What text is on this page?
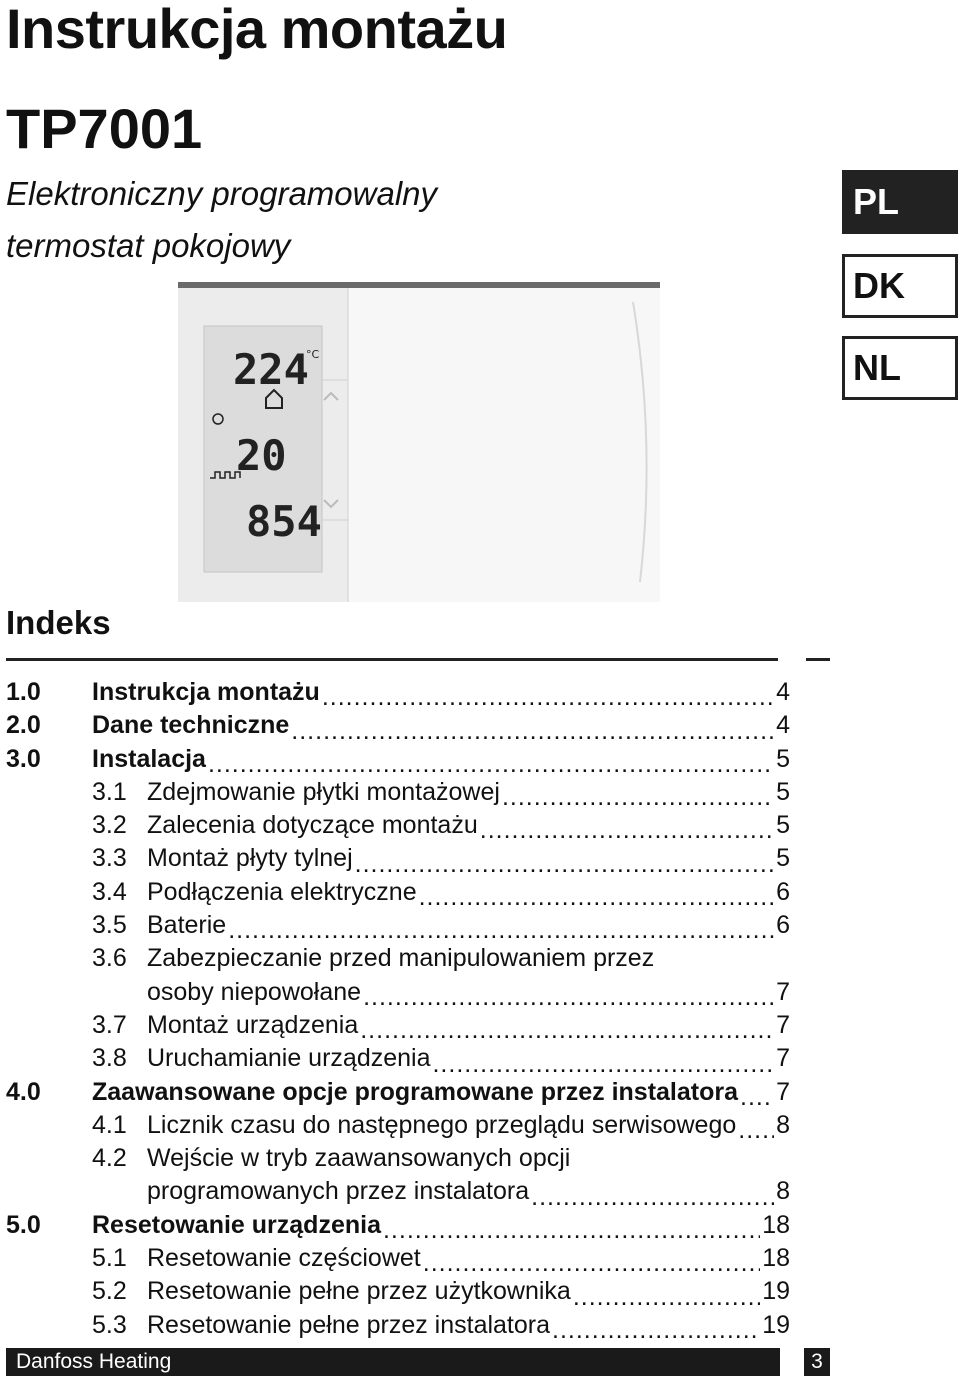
Instrukcja montażu
TP7001
Elektroniczny programowalny
termostat pokojowy
PL
DK
NL
224
°C
20
854
Indeks
1.0	Instrukcja montażu .....	4
2.0	Dane techniczne .....	4
3.0	Instalacja .....	5
3.1 Zdejmowanie płytki montażowej .....	5
3.2 Zalecenia dotyczące montażu .....	5
3.3 Montaż płyty tylnej .....	5
3.4 Podłączenia elektryczne .....	6
3.5 Baterie .....	6
3.6 Zabezpieczanie przed manipulowaniem przez
osoby niepowołane .....	7
3.7 Montaż urządzenia .....	7
3.8 Uruchamianie urządzenia .....	7
4.0	Zaawansowane opcje programowane przez instalatora ..... 7
4.1 Licznik czasu do następnego przeglądu serwisowego ..... 8
4.2 Wejście w tryb zaawansowanych opcji
programowanych przez instalatora .....	8
5.0	Resetowanie urządzenia .....	18
5.1 Resetowanie częściowet .....	18
5.2 Resetowanie pełne przez użytkownika .....	19
5.3 Resetowanie pełne przez instalatora .....	19
Danfoss Heating	3
